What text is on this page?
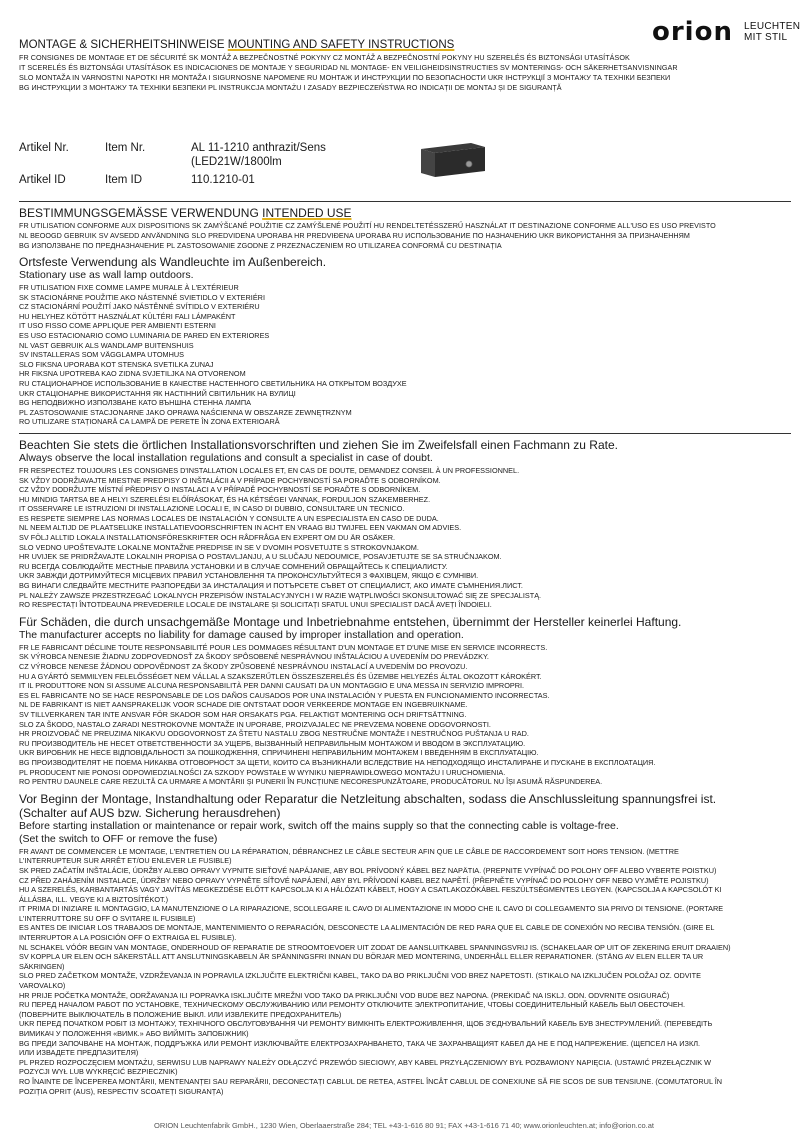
orion LEUCHTEN
MIT STIL

MONTAGE & SICHERHEITSHINWEISE MOUNTING AND SAFETY INSTRUCTIONS

FR CONSIGNES DE MONTAGE ET DE SÉCURITÉ SK MONTÁŽ A BEZPEČNOSTNÉ POKYNY CZ MONTÁŽ A BEZPEČNOSTNÍ POKYNY HU SZERELÉS ÉS BIZTONSÁGI UTASÍTÁSOK
IT SCERELÉS ÉS BIZTONSÁGI UTASÍTÁSOK ES INDICACIONES DE MONTAJE Y SEGURIDAD NL MONTAGE- EN VEILIGHEIDSINSTRUCTIES SV MONTERINGS- OCH SÄKERHETSANVISNINGAR
SLO MONTAŽA IN VARNOSTNI NAPOTKI HR MONTAŽA I SIGURNOSNE NAPOMENE RU МОНТАЖ И ИНСТРУКЦИИ ПО БЕЗОПАСНОСТИ UKR ІНСТРУКЦІЇ З МОНТАЖУ ТА ТЕХНІКИ БЕЗПЕКИ
BG ИНСТРУКЦИИ З МОНТАЖУ ТА ТЕХНІКИ БЕЗПЕКИ PL INSTRUKCJA MONTAŻU I ZASADY BEZPIECZEŃSTWA RO INDICAȚII DE MONTAJ ȘI DE SIGURANȚĂ
Artikel Nr.	Item Nr.	AL 11-1210 anthrazit/Sens
(LED21W/1800lm
Artikel ID	Item ID	110.1210-01

BESTIMMUNGSGEMÄSSE VERWENDUNG INTENDED USE

FR UTILISATION CONFORME AUX DISPOSITIONS SK ZAMÝŠĽANÉ POUŽITIE CZ ZAMÝŠLENÉ POUŽITÍ HU RENDELTETÉSSZERŰ HASZNÁLAT IT DESTINAZIONE CONFORME ALL'USO ES USO PREVISTO
NL BEOOGD GEBRUIK SV AVSEDD ANVÄNDNING SLO PREDVIDENA UPORABA HR PREDVIĐENA UPORABA RU ИСПОЛЬЗОВАНИЕ ПО НАЗНАЧЕНИЮ UKR ВИКОРИСТАННЯ ЗА ПРИЗНАЧЕННЯМ
BG ИЗПОЛЗВАНЕ ПО ПРЕДНАЗНАЧЕНИЕ PL ZASTOSOWANIE ZGODNE Z PRZEZNACZENIEM RO UTILIZAREA CONFORMĂ CU DESTINAȚIA

Ortsfeste Verwendung als Wandleuchte im Außenbereich.

Stationary use as wall lamp outdoors.

FR UTILISATION FIXE COMME LAMPE MURALE À L'EXTÉRIEUR
SK STACIONÁRNE POUŽITIE AKO NÁSTENNÉ SVIETIDLO V EXTERIÉRI
CZ STACIONÁRNÍ POUŽITÍ JAKO NÁSTĚNNÉ SVÍTIDLO V EXTERIÉRU
HU HELYHEZ KÖTÖTT HASZNÁLAT KÜLTÉRI FALI LÁMPAKÉNT
IT USO FISSO COME APPLIQUE PER AMBIENTI ESTERNI
ES USO ESTACIONARIO COMO LUMINARIA DE PARED EN EXTERIORES
NL VAST GEBRUIK ALS WANDLAMP BUITENSHUIS
SV INSTALLERAS SOM VÄGGLAMPA UTOMHUS
SLO FIKSNA UPORABA KOT STENSKA SVETILKA ZUNAJ
HR FIKSNA UPOTREBA KAO ZIDNA SVJETILJKA NA OTVORENOM
RU СТАЦИОНАРНОЕ ИСПОЛЬЗОВАНИЕ В КАЧЕСТВЕ НАСТЕННОГО СВЕТИЛЬНИКА НА ОТКРЫТОМ ВОЗДУХЕ
UKR СТАЦІОНАРНЕ ВИКОРИСТАННЯ ЯК НАСТІННИЙ СВІТИЛЬНИК НА ВУЛИЦІ
BG НЕПОДВИЖНО ИЗПОЛЗВАНЕ КАТО ВЪНШНА СТЕННА ЛАМПА
PL ZASTOSOWANIE STACJONARNE JAKO OPRAWA NAŚCIENNA W OBSZARZE ZEWNĘTRZNYM
RO UTILIZARE STAȚIONARĂ CA LAMPĂ DE PERETE ÎN ZONA EXTERIOARĂ

Beachten Sie stets die örtlichen Installationsvorschriften und ziehen Sie im Zweifelsfall einen Fachmann zu Rate.

Always observe the local installation regulations and consult a specialist in case of doubt.

FR RESPECTEZ TOUJOURS LES CONSIGNES D'INSTALLATION LOCALES ET, EN CAS DE DOUTE, DEMANDEZ CONSEIL À UN PROFESSIONNEL.
SK VŽDY DODRŽIAVAJTE MIESTNE PREDPISY O INŠTALÁCII A V PRÍPADE POCHYBNOSTÍ SA PORAĎTE S ODBORNÍKOM.
CZ VŽDY DODRŽUJTE MÍSTNÍ PŘEDPISY O INSTALACI A V PŘÍPADĚ POCHYBNOSTÍ SE PORAĎTE S ODBORNÍKEM.
HU MINDIG TARTSA BE A HELYI SZERELÉSI ELŐÍRÁSOKAT, ÉS HA KÉTSÉGEI VANNAK, FORDULJON SZAKEMBERHEZ.
IT OSSERVARE LE ISTRUZIONI DI INSTALLAZIONE LOCALI E, IN CASO DI DUBBIO, CONSULTARE UN TECNICO.
ES RESPETE SIEMPRE LAS NORMAS LOCALES DE INSTALACIÓN Y CONSULTE A UN ESPECIALISTA EN CASO DE DUDA.
NL NEEM ALTIJD DE PLAATSELIJKE INSTALLATIEVOORSCHRIFTEN IN ACHT EN VRAAG BIJ TWIJFEL EEN VAKMAN OM ADVIES.
SV FÖLJ ALLTID LOKALA INSTALLATIONSFÖRESKRIFTER OCH RÅDFRÅGA EN EXPERT OM DU ÄR OSÄKER.
SLO VEDNO UPOŠTEVAJTE LOKALNE MONTAŽNE PREDPISE IN SE V DVOMIH POSVETUJTE S STROKOVNJAKOM.
HR UVIJEK SE PRIDRŽAVAJTE LOKALNIH PROPISA O POSTAVLJANJU, A U SLUČAJU NEDOUMICE, POSAVJETUJTE SE SA STRUČNJAKOM.
RU ВСЕГДА СОБЛЮДАЙТЕ МЕСТНЫЕ ПРАВИЛА УСТАНОВКИ И В СЛУЧАЕ СОМНЕНИЙ ОБРАЩАЙТЕСЬ К СПЕЦИАЛИСТУ.
UKR ЗАВЖДИ ДОТРИМУЙТЕСЯ МІСЦЕВИХ ПРАВИЛ УСТАНОВЛЕННЯ ТА ПРОКОНСУЛЬТУЙТЕСЯ З ФАХІВЦЕМ, ЯКЩО Є СУМНІВИ.
BG ВИНАГИ СЛЕДВАЙТЕ МЕСТНИТЕ РАЗПОРЕДБИ ЗА ИНСТАЛАЦИЯ И ПОТЪРСЕТЕ СЪВЕТ ОТ СПЕЦИАЛИСТ, АКО ИМАТЕ СЪМНЕНИЯ.ЛИСТ.
PL NALEŻY ZAWSZE PRZESTRZEGAĆ LOKALNYCH PRZEPISÓW INSTALACYJNYCH I W RAZIE WĄTPLIWOŚCI SKONSULTOWAĆ SIĘ ZE SPECJALISTĄ.
RO RESPECTAȚI ÎNTOTDEAUNA PREVEDERILE LOCALE DE INSTALARE ȘI SOLICITAȚI SFATUL UNUI SPECIALIST DACĂ AVEȚI ÎNDOIELI.

Für Schäden, die durch unsachgemäße Montage und Inbetriebnahme entstehen, übernimmt der Hersteller keinerlei Haftung.

The manufacturer accepts no liability for damage caused by improper installation and operation.

FR LE FABRICANT DÉCLINE TOUTE RESPONSABILITÉ POUR LES DOMMAGES RÉSULTANT D'UN MONTAGE ET D'UNE MISE EN SERVICE INCORRECTS.
SK VÝROBCA NENESIE ŽIADNU ZODPOVEDNOSŤ ZA ŠKODY SPÔSOBENÉ NESPRÁVNOU INŠTALÁCIOU A UVEDENÍM DO PREVÁDZKY.
CZ VÝROBCE NENESE ŽÁDNOU ODPOVĚDNOST ZA ŠKODY ZPŮSOBENÉ NESPRÁVNOU INSTALACÍ A UVEDENÍM DO PROVOZU.
HU A GYÁRTÓ SEMMILYEN FELELŐSSÉGET NEM VÁLLAL A SZAKSZERŰTLEN ÖSSZESZERELÉS ÉS ÜZEMBE HELYEZÉS ÁLTAL OKOZOTT KÁROKÉRT.
IT IL PRODUTTORE NON SI ASSUME ALCUNA RESPONSABILITÀ PER DANNI CAUSATI DA UN MONTAGGIO E UNA MESSA IN SERVIZIO IMPROPRI.
ES EL FABRICANTE NO SE HACE RESPONSABLE DE LOS DAÑOS CAUSADOS POR UNA INSTALACIÓN Y PUESTA EN FUNCIONAMIENTO INCORRECTAS.
NL DE FABRIKANT IS NIET AANSPRAKELIJK VOOR SCHADE DIE ONTSTAAT DOOR VERKEERDE MONTAGE EN INGEBRUIKNAME.
SV TILLVERKAREN TAR INTE ANSVAR FÖR SKADOR SOM HAR ORSAKATS PGA. FELAKTIGT MONTERING OCH DRIFTSÄTTNING.
SLO ZA ŠKODO, NASTALO ZARADI NESTROKOVNE MONTAŽE IN UPORABE, PROIZVAJALEC NE PREVZEMA NOBENE ODGOVORNOSTI.
HR PROIZVOĐAČ NE PREUZIMA NIKAKVU ODGOVORNOST ZA ŠTETU NASTALU ZBOG NESTRUČNE MONTAŽE I NESTRUČNOG PUŠTANJA U RAD.
RU ПРОИЗВОДИТЕЛЬ НЕ НЕСЕТ ОТВЕТСТВЕННОСТИ ЗА УЩЕРБ, ВЫЗВАННЫЙ НЕПРАВИЛЬНЫМ МОНТАЖОМ И ВВОДОМ В ЭКСПЛУАТАЦИЮ.
UKR ВИРОБНИК НЕ НЕСЕ ВІДПОВІДАЛЬНОСТІ ЗА ПОШКОДЖЕННЯ, СПРИЧИНЕНІ НЕПРАВИЛЬНИМ МОНТАЖЕМ І ВВЕДЕННЯМ В ЕКСПЛУАТАЦІЮ.
BG ПРОИЗВОДИТЕЛЯТ НЕ ПОЕМА НИКАКВА ОТГОВОРНОСТ ЗА ЩЕТИ, КОИТО СА ВЪЗНИКНАЛИ ВСЛЕДСТВИЕ НА НЕПОДХОДЯЩО ИНСТАЛИРАНЕ И ПУСКАНЕ В ЕКСПЛОАТАЦИЯ.
PL PRODUCENT NIE PONOSI ODPOWIEDZIALNOŚCI ZA SZKODY POWSTAŁE W WYNIKU NIEPRAWIDŁOWEGO MONTAŻU I URUCHOMIENIA.
RO PENTRU DAUNELE CARE REZULTĂ CA URMARE A MONTĂRII ȘI PUNERII ÎN FUNCȚIUNE NECORESPUNZĂTOARE, PRODUCĂTORUL NU ÎȘI ASUMĂ RĂSPUNDEREA.

Vor Beginn der Montage, Instandhaltung oder Reparatur die Netzleitung abschalten, sodass die Anschlussleitung spannungsfrei ist.

(Schalter auf AUS bzw. Sicherung herausdrehen)

Before starting installation or maintenance or repair work, switch off the mains supply so that the connecting cable is voltage-free.

(Set the switch to OFF or remove the fuse)

FR AVANT DE COMMENCER LE MONTAGE, L'ENTRETIEN OU LA RÉPARATION, DÉBRANCHEZ LE CÂBLE SECTEUR AFIN QUE LE CÂBLE DE RACCORDEMENT SOIT HORS TENSION. (METTRE
L'INTERRUPTEUR SUR ARRÊT ET/OU ENLEVER LE FUSIBLE)
SK PRED ZAČATÍM INŠTALÁCIE, ÚDRŽBY ALEBO OPRAVY VYPNITE SIEŤOVÉ NAPÁJANIE, ABY BOL PRÍVODNÝ KÁBEL BEZ NAPÄTIA. (PREPNITE VYPÍNAČ DO POLOHY OFF ALEBO VYBERTE POISTKU)
CZ PŘED ZAHÁJENÍM INSTALACE, ÚDRŽBY NEBO OPRAVY VYPNĚTE SÍŤOVÉ NAPÁJENÍ, ABY BYL PŘÍVODNÍ KABEL BEZ NAPĚTÍ. (PŘEPNĚTE VYPÍNAČ DO POLOHY OFF NEBO VYJMĚTE POJISTKU)
HU A SZERELÉS, KARBANTARTÁS VAGY JAVÍTÁS MEGKEZDÉSE ELŐTT KAPCSOLJA KI A HÁLÓZATI KÁBELT, HOGY A CSATLAKOZÓKÁBEL FESZÜLTSÉGMENTES LEGYEN. (KAPCSOLJA A KAPCSOLÓT KI
ÁLLÁSBA, ILL. VEGYE KI A BIZTOSÍTÉKOT.)
IT PRIMA DI INIZIARE IL MONTAGGIO, LA MANUTENZIONE O LA RIPARAZIONE, SCOLLEGARE IL CAVO DI ALIMENTAZIONE IN MODO CHE IL CAVO DI COLLEGAMENTO SIA PRIVO DI TENSIONE. (PORTARE
L'INTERRUTTORE SU OFF O SVITARE IL FUSIBILE)
ES ANTES DE INICIAR LOS TRABAJOS DE MONTAJE, MANTENIMIENTO O REPARACIÓN, DESCONECTE LA ALIMENTACIÓN DE RED PARA QUE EL CABLE DE CONEXIÓN NO RECIBA TENSIÓN. (GIRE EL
INTERRUPTOR A LA POSICIÓN OFF O EXTRAIGA EL FUSIBLE).
NL SCHAKEL VÓÓR BEGIN VAN MONTAGE, ONDERHOUD OF REPARATIE DE STROOMTOEVOER UIT ZODAT DE AANSLUITKABEL SPANNINGSVRIJ IS. (SCHAKELAAR OP UIT OF ZEKERING ERUIT DRAAIEN)
SV KOPPLA UR ELEN OCH SÄKERSTÄLL ATT ANSLUTNINGSKABELN ÄR SPÄNNINGSFRI INNAN DU BÖRJAR MED MONTERING, UNDERHÅLL ELLER REPARATIONER. (STÄNG AV ELEN ELLER TA UR
SÄKRINGEN)
SLO PRED ZAČETKOM MONTAŽE, VZDRŽEVANJA IN POPRAVILA IZKLJUČITE ELEKTRIČNI KABEL, TAKO DA BO PRIKLJUČNI VOD BREZ NAPETOSTI. (STIKALO NA IZKLJUČEN POLOŽAJ OZ. ODVITE
VAROVALKO)
HR PRIJE POČETKA MONTAŽE, ODRŽAVANJA ILI POPRAVKA ISKLJUČITE MREŽNI VOD TAKO DA PRIKLJUČNI VOD BUDE BEZ NAPONA. (PREKIDAČ NA ISKLJ. ODN. ODVRNITE OSIGURAČ)
RU ПЕРЕД НАЧАЛОМ РАБОТ ПО УСТАНОВКЕ, ТЕХНИЧЕСКОМУ ОБСЛУЖИВАНИЮ ИЛИ РЕМОНТУ ОТКЛЮЧИТЕ ЭЛЕКТРОПИТАНИЕ, ЧТОБЫ СОЕДИНИТЕЛЬНЫЙ КАБЕЛЬ БЫЛ ОБЕСТОЧЕН.
(ПОВЕРНИТЕ ВЫКЛЮЧАТЕЛЬ В ПОЛОЖЕНИЕ ВЫКЛ. ИЛИ ИЗВЛЕКИТЕ ПРЕДОХРАНИТЕЛЬ)
UKR ПЕРЕД ПОЧАТКОМ РОБІТ ІЗ МОНТАЖУ, ТЕХНІЧНОГО ОБСЛУГОВУВАННЯ ЧИ РЕМОНТУ ВИМКНІТЬ ЕЛЕКТРОЖИВЛЕННЯ, ЩОБ З'ЄДНУВАЛЬНИЙ КАБЕЛЬ БУВ ЗНЕСТРУМЛЕНИЙ. (ПЕРЕВЕДІТЬ
ВИМИКАЧ У ПОЛОЖЕННЯ «ВИМК.» АБО ВИЙМІТЬ ЗАПОБІЖНИК)
BG ПРЕДИ ЗАПОЧВАНЕ НА МОНТАЖ, ПОДДРЪЖКА ИЛИ РЕМОНТ ИЗКЛЮЧВАЙТЕ ЕЛЕКТРОЗАХРАНВАНЕТО, ТАКА ЧЕ ЗАХРАНВАЩИЯТ КАБЕЛ ДА НЕ Е ПОД НАПРЕЖЕНИЕ. (ЩЕПСЕЛ НА ИЗКЛ.
ИЛИ ИЗВАДЕТЕ ПРЕДПАЗИТЕЛЯ)
PL PRZED ROZPOCZĘCIEM MONTAŻU, SERWISU LUB NAPRAWY NALEŻY ODŁĄCZYĆ PRZEWÓD SIECIOWY, ABY KABEL PRZYŁĄCZENIOWY BYŁ POZBAWIONY NAPIĘCIA. (USTAWIĆ PRZEŁĄCZNIK W
POZYCJI WYŁ LUB WYKRĘCIĆ BEZPIECZNIK)
RO ÎNAINTE DE ÎNCEPEREA MONTĂRII, MENTENANȚEI SAU REPARĂRII, DECONECTAȚI CABLUL DE RETEA, ASTFEL ÎNCÂT CABLUL DE CONEXIUNE SĂ FIE SCOS DE SUB TENSIUNE. (COMUTATORUL ÎN
POZIȚIA OPRIT (AUS), RESPECTIV SCOATEȚI SIGURANȚA)
ORION Leuchtenfabrik GmbH., 1230 Wien, Oberlaaerstraße 284; TEL +43-1-616 80 91; FAX +43-1-616 71 40; www.orionleuchten.at; info@orion.co.at
